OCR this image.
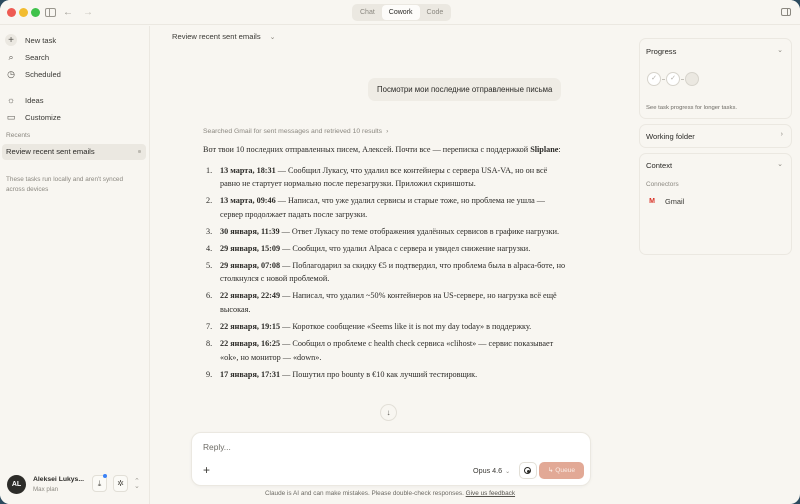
← →	Chat	Cowork	Code
+	New task
⌕	Search
◷ Scheduled
☼ Ideas
▭ Customize
Recents
Review recent sent emails
These tasks run locally and aren't synced across devices
AL
Aleksei Lukys...
Max plan
⤓	✲	⌃
⌄
Review recent sent emails ⌄
Посмотри мои последние отправленные письма
Searched Gmail for sent messages and retrieved 10 results ›

Вот твои 10 последних отправленных писем, Алексей. Почти все — переписка с поддержкой Sliplane:

1. 13 марта, 18:31 — Сообщил Лукасу, что удалил все контейнеры с сервера USA-VA, но он всё равно не стартует нормально после перезагрузки. Приложил скриншоты.
2. 13 марта, 09:46 — Написал, что уже удалил сервисы и старые тоже, но проблема не ушла — сервер продолжает падать после загрузки.
3. 30 января, 11:39 — Ответ Лукасу по теме отображения удалённых сервисов в графике нагрузки.
4. 29 января, 15:09 — Сообщил, что удалил Alpaca с сервера и увидел снижение нагрузки.
5. 29 января, 07:08 — Поблагодарил за скидку €5 и подтвердил, что проблема была в alpaca-боте, но столкнулся с новой проблемой.
6. 22 января, 22:49 — Написал, что удалил ~50% контейнеров на US-сервере, но нагрузка всё ещё высокая.
7. 22 января, 19:15 — Короткое сообщение «Seems like it is not my day today» в поддержку.
8. 22 января, 16:25 — Сообщил о проблеме с health check сервиса «clihost» — сервис показывает «ok», но монитор — «down».
9. 17 января, 17:31 — Пошутил про bounty в €10 как лучший тестировщик.
↓
Reply...
+	Opus 4.6 ⌄	↳ Queue
Claude is AI and can make mistakes. Please double-check responses. Give us feedback
Progress	⌄
✓	✓
See task progress for longer tasks.
Working folder	›
Context	⌄
Connectors
M	Gmail
